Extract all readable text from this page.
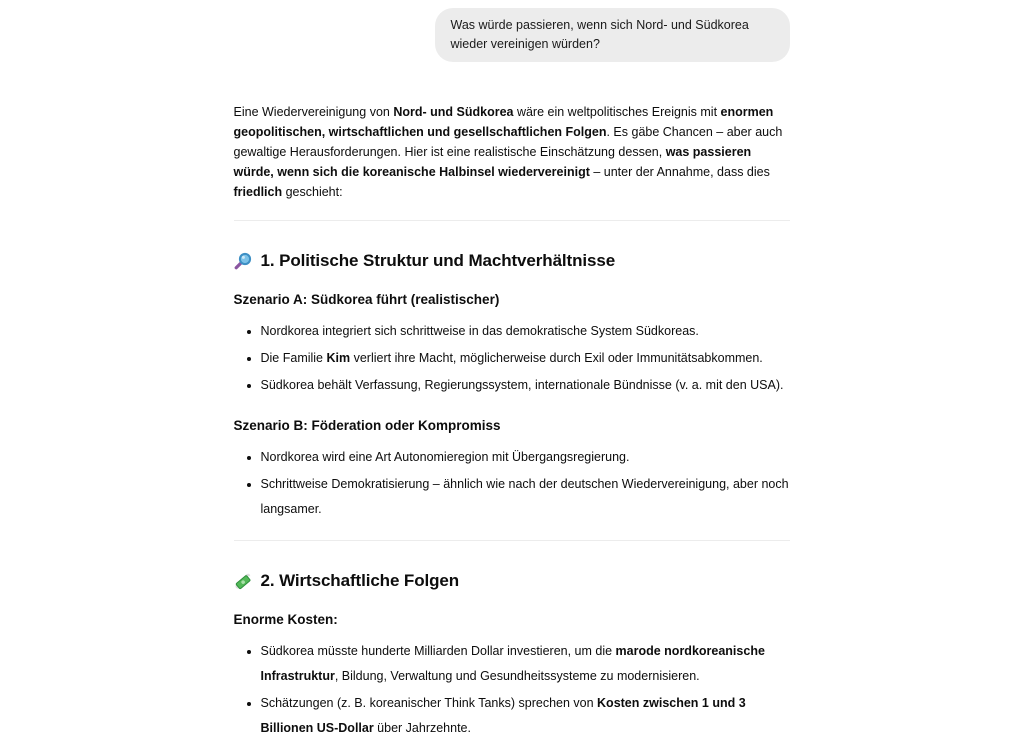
Was würde passieren, wenn sich Nord- und Südkorea wieder vereinigen würden?

Eine Wiedervereinigung von Nord- und Südkorea wäre ein weltpolitisches Ereignis mit enormen geopolitischen, wirtschaftlichen und gesellschaftlichen Folgen. Es gäbe Chancen – aber auch gewaltige Herausforderungen. Hier ist eine realistische Einschätzung dessen, was passieren würde, wenn sich die koreanische Halbinsel wiedervereinigt – unter der Annahme, dass dies friedlich geschieht:

1. Politische Struktur und Machtverhältnisse
Szenario A: Südkorea führt (realistischer)
Nordkorea integriert sich schrittweise in das demokratische System Südkoreas.
Die Familie Kim verliert ihre Macht, möglicherweise durch Exil oder Immunitätsabkommen.
Südkorea behält Verfassung, Regierungssystem, internationale Bündnisse (v. a. mit den USA).
Szenario B: Föderation oder Kompromiss
Nordkorea wird eine Art Autonomieregion mit Übergangsregierung.
Schrittweise Demokratisierung – ähnlich wie nach der deutschen Wiedervereinigung, aber noch langsamer.
2. Wirtschaftliche Folgen
Enorme Kosten:
Südkorea müsste hunderte Milliarden Dollar investieren, um die marode nordkoreanische Infrastruktur, Bildung, Verwaltung und Gesundheitssysteme zu modernisieren.
Schätzungen (z. B. koreanischer Think Tanks) sprechen von Kosten zwischen 1 und 3 Billionen US-Dollar über Jahrzehnte.
